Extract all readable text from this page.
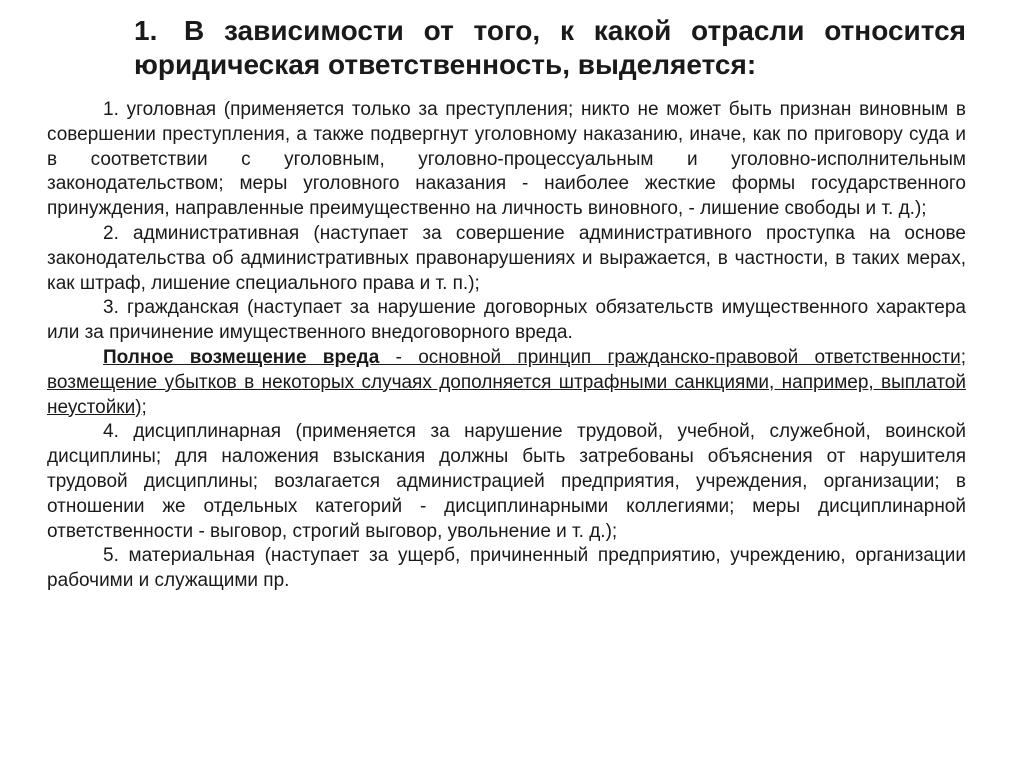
1. В зависимости от того, к какой отрасли относится юридическая ответственность, выделяется:

1. уголовная (применяется только за преступления; никто не может быть признан виновным в совершении преступления, а также подвергнут уголовному наказанию, иначе, как по приговору суда и в соответствии с уголовным, уголовно-процессуальным и уголовно-исполнительным законодательством; меры уголовного наказания - наиболее жесткие формы государственного принуждения, направленные преимущественно на личность виновного, - лишение свободы и т. д.);

2. административная (наступает за совершение административного проступка на основе законодательства об административных правонарушениях и выражается, в частности, в таких мерах, как штраф, лишение специального права и т. п.);

3. гражданская (наступает за нарушение договорных обязательств имущественного характера или за причинение имущественного внедоговорного вреда.

Полное возмещение вреда - основной принцип гражданско-правовой ответственности; возмещение убытков в некоторых случаях дополняется штрафными санкциями, например, выплатой неустойки);

4. дисциплинарная (применяется за нарушение трудовой, учебной, служебной, воинской дисциплины; для наложения взыскания должны быть затребованы объяснения от нарушителя трудовой дисциплины; возлагается администрацией предприятия, учреждения, организации; в отношении же отдельных категорий - дисциплинарными коллегиями; меры дисциплинарной ответственности - выговор, строгий выговор, увольнение и т. д.);

5. материальная (наступает за ущерб, причиненный предприятию, учреждению, организации рабочими и служащими пр.
